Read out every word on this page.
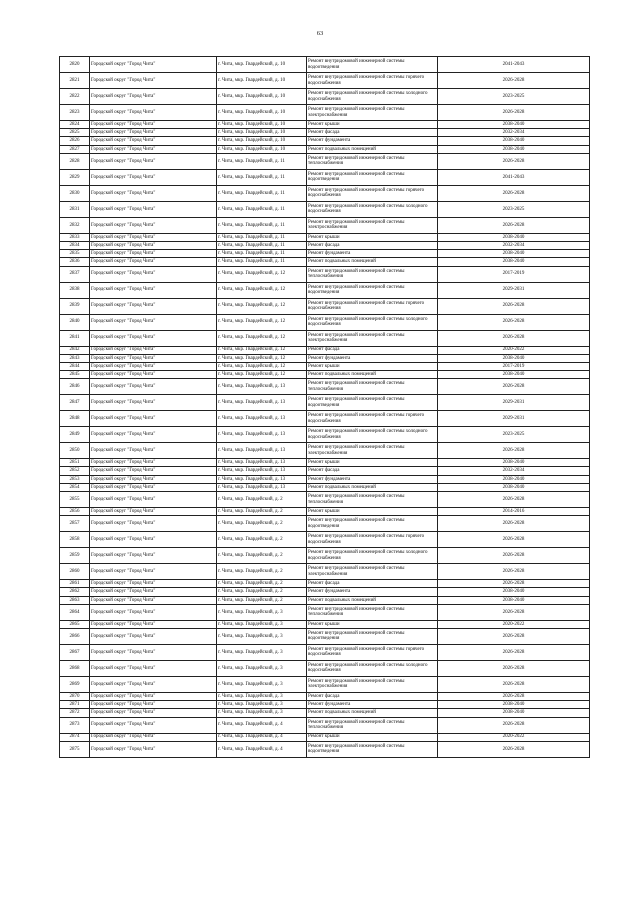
63
2820	Городской округ "Город Чита"	г. Чита, мкр. Гвардейский, д. 10	Ремонт внутридомовой инженерной системы водоотведения	2041-2043
2821	Городской округ "Город Чита"	г. Чита, мкр. Гвардейский, д. 10	Ремонт внутридомовой инженерной системы горячего водоснабжения	2026-2028
2822	Городской округ "Город Чита"	г. Чита, мкр. Гвардейский, д. 10	Ремонт внутридомовой инженерной системы холодного водоснабжения	2023-2025
2823	Городской округ "Город Чита"	г. Чита, мкр. Гвардейский, д. 10	Ремонт внутридомовой инженерной системы электроснабжения	2026-2028
2824	Городской округ "Город Чита"	г. Чита, мкр. Гвардейский, д. 10	Ремонт крыши	2038-2040
2825	Городской округ "Город Чита"	г. Чита, мкр. Гвардейский, д. 10	Ремонт фасада	2032-2034
2826	Городской округ "Город Чита"	г. Чита, мкр. Гвардейский, д. 10	Ремонт фундамента	2038-2040
2827	Городской округ "Город Чита"	г. Чита, мкр. Гвардейский, д. 10	Ремонт подвальных помещений	2038-2040
2828	Городской округ "Город Чита"	г. Чита, мкр. Гвардейский, д. 11	Ремонт внутридомовой инженерной системы теплоснабжения	2026-2028
2829	Городской округ "Город Чита"	г. Чита, мкр. Гвардейский, д. 11	Ремонт внутридомовой инженерной системы водоотведения	2041-2043
2830	Городской округ "Город Чита"	г. Чита, мкр. Гвардейский, д. 11	Ремонт внутридомовой инженерной системы горячего водоснабжения	2026-2028
2831	Городской округ "Город Чита"	г. Чита, мкр. Гвардейский, д. 11	Ремонт внутридомовой инженерной системы холодного водоснабжения	2023-2025
2832	Городской округ "Город Чита"	г. Чита, мкр. Гвардейский, д. 11	Ремонт внутридомовой инженерной системы электроснабжения	2026-2028
2833	Городской округ "Город Чита"	г. Чита, мкр. Гвардейский, д. 11	Ремонт крыши	2038-2040
2834	Городской округ "Город Чита"	г. Чита, мкр. Гвардейский, д. 11	Ремонт фасада	2032-2034
2835	Городской округ "Город Чита"	г. Чита, мкр. Гвардейский, д. 11	Ремонт фундамента	2038-2040
2836	Городской округ "Город Чита"	г. Чита, мкр. Гвардейский, д. 11	Ремонт подвальных помещений	2038-2040
2837	Городской округ "Город Чита"	г. Чита, мкр. Гвардейский, д. 12	Ремонт внутридомовой инженерной системы теплоснабжения	2017-2019
2838	Городской округ "Город Чита"	г. Чита, мкр. Гвардейский, д. 12	Ремонт внутридомовой инженерной системы водоотведения	2029-2031
2839	Городской округ "Город Чита"	г. Чита, мкр. Гвардейский, д. 12	Ремонт внутридомовой инженерной системы горячего водоснабжения	2026-2028
2840	Городской округ "Город Чита"	г. Чита, мкр. Гвардейский, д. 12	Ремонт внутридомовой инженерной системы холодного водоснабжения	2026-2028
2841	Городской округ "Город Чита"	г. Чита, мкр. Гвардейский, д. 12	Ремонт внутридомовой инженерной системы электроснабжения	2026-2028
2842	Городской округ "Город Чита"	г. Чита, мкр. Гвардейский, д. 12	Ремонт фасада	2020-2022
2843	Городской округ "Город Чита"	г. Чита, мкр. Гвардейский, д. 12	Ремонт фундамента	2038-2040
2844	Городской округ "Город Чита"	г. Чита, мкр. Гвардейский, д. 12	Ремонт крыши	2017-2019
2845	Городской округ "Город Чита"	г. Чита, мкр. Гвардейский, д. 12	Ремонт подвальных помещений	2038-2040
2846	Городской округ "Город Чита"	г. Чита, мкр. Гвардейский, д. 13	Ремонт внутридомовой инженерной системы теплоснабжения	2026-2028
2847	Городской округ "Город Чита"	г. Чита, мкр. Гвардейский, д. 13	Ремонт внутридомовой инженерной системы водоотведения	2029-2031
2848	Городской округ "Город Чита"	г. Чита, мкр. Гвардейский, д. 13	Ремонт внутридомовой инженерной системы горячего водоснабжения	2029-2031
2849	Городской округ "Город Чита"	г. Чита, мкр. Гвардейский, д. 13	Ремонт внутридомовой инженерной системы холодного водоснабжения	2023-2025
2850	Городской округ "Город Чита"	г. Чита, мкр. Гвардейский, д. 13	Ремонт внутридомовой инженерной системы электроснабжения	2026-2028
2851	Городской округ "Город Чита"	г. Чита, мкр. Гвардейский, д. 13	Ремонт крыши	2038-2040
2852	Городской округ "Город Чита"	г. Чита, мкр. Гвардейский, д. 13	Ремонт фасада	2032-2034
2853	Городской округ "Город Чита"	г. Чита, мкр. Гвардейский, д. 13	Ремонт фундамента	2038-2040
2854	Городской округ "Город Чита"	г. Чита, мкр. Гвардейский, д. 13	Ремонт подвальных помещений	2038-2040
2855	Городской округ "Город Чита"	г. Чита, мкр. Гвардейский, д. 2	Ремонт внутридомовой инженерной системы теплоснабжения	2026-2028
2856	Городской округ "Город Чита"	г. Чита, мкр. Гвардейский, д. 2	Ремонт крыши	2014-2016
2857	Городской округ "Город Чита"	г. Чита, мкр. Гвардейский, д. 2	Ремонт внутридомовой инженерной системы водоотведения	2026-2028
2858	Городской округ "Город Чита"	г. Чита, мкр. Гвардейский, д. 2	Ремонт внутридомовой инженерной системы горячего водоснабжения	2026-2028
2859	Городской округ "Город Чита"	г. Чита, мкр. Гвардейский, д. 2	Ремонт внутридомовой инженерной системы холодного водоснабжения	2026-2028
2860	Городской округ "Город Чита"	г. Чита, мкр. Гвардейский, д. 2	Ремонт внутридомовой инженерной системы электроснабжения	2026-2028
2861	Городской округ "Город Чита"	г. Чита, мкр. Гвардейский, д. 2	Ремонт фасада	2026-2028
2862	Городской округ "Город Чита"	г. Чита, мкр. Гвардейский, д. 2	Ремонт фундамента	2038-2040
2863	Городской округ "Город Чита"	г. Чита, мкр. Гвардейский, д. 2	Ремонт подвальных помещений	2038-2040
2864	Городской округ "Город Чита"	г. Чита, мкр. Гвардейский, д. 3	Ремонт внутридомовой инженерной системы теплоснабжения	2026-2028
2865	Городской округ "Город Чита"	г. Чита, мкр. Гвардейский, д. 3	Ремонт крыши	2020-2022
2866	Городской округ "Город Чита"	г. Чита, мкр. Гвардейский, д. 3	Ремонт внутридомовой инженерной системы водоотведения	2026-2028
2867	Городской округ "Город Чита"	г. Чита, мкр. Гвардейский, д. 3	Ремонт внутридомовой инженерной системы горячего водоснабжения	2026-2028
2868	Городской округ "Город Чита"	г. Чита, мкр. Гвардейский, д. 3	Ремонт внутридомовой инженерной системы холодного водоснабжения	2026-2028
2869	Городской округ "Город Чита"	г. Чита, мкр. Гвардейский, д. 3	Ремонт внутридомовой инженерной системы электроснабжения	2026-2028
2870	Городской округ "Город Чита"	г. Чита, мкр. Гвардейский, д. 3	Ремонт фасада	2026-2028
2871	Городской округ "Город Чита"	г. Чита, мкр. Гвардейский, д. 3	Ремонт фундамента	2038-2040
2872	Городской округ "Город Чита"	г. Чита, мкр. Гвардейский, д. 3	Ремонт подвальных помещений	2038-2040
2873	Городской округ "Город Чита"	г. Чита, мкр. Гвардейский, д. 4	Ремонт внутридомовой инженерной системы теплоснабжения	2026-2028
2874	Городской округ "Город Чита"	г. Чита, мкр. Гвардейский, д. 4	Ремонт крыши	2020-2022
2875	Городской округ "Город Чита"	г. Чита, мкр. Гвардейский, д. 4	Ремонт внутридомовой инженерной системы водоотведения	2026-2028
